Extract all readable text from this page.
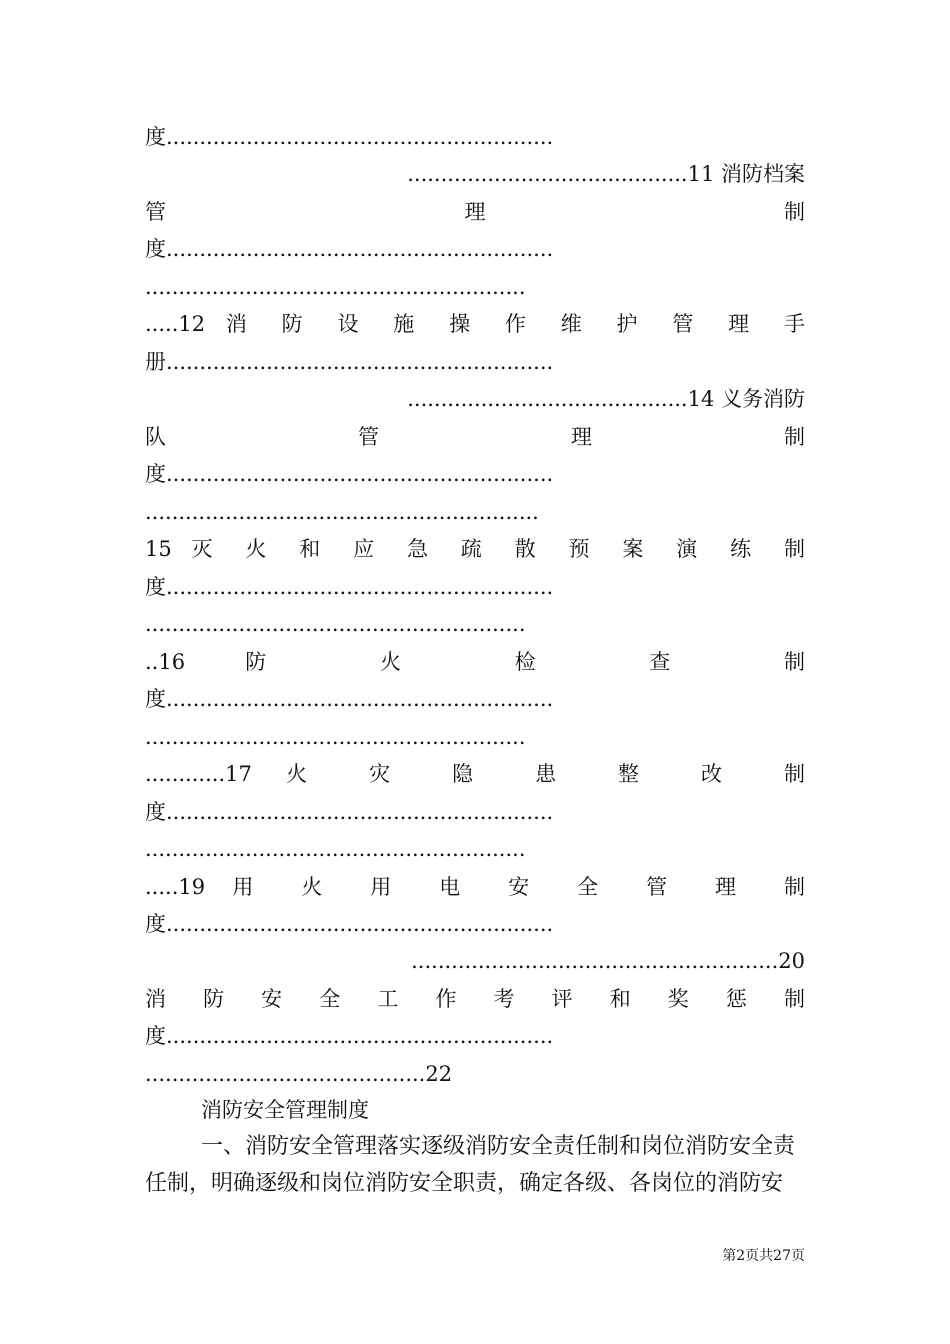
度..........................................................
..........................................11 消防档案
管 理 制
度..........................................................
.........................................................
.....12 消 防 设 施 操 作 维 护 管 理 手
册..........................................................
..........................................14 义务消防
队 管 理 制
度..........................................................
...........................................................
15 灭 火 和 应 急 疏 散 预 案 演 练 制
度..........................................................
.........................................................
..16 防 火 检 查 制
度..........................................................
.........................................................
............17 火 灾 隐 患 整 改 制
度..........................................................
.........................................................
.....19 用 火 用 电 安 全 管 理 制
度..........................................................
.......................................................20
消 防 安 全 工 作 考 评 和 奖 惩 制
度..........................................................
..........................................22
消防安全管理制度
一、消防安全管理落实逐级消防安全责任制和岗位消防安全责
任制，明确逐级和岗位消防安全职责，确定各级、各岗位的消防安
第2页共27页
